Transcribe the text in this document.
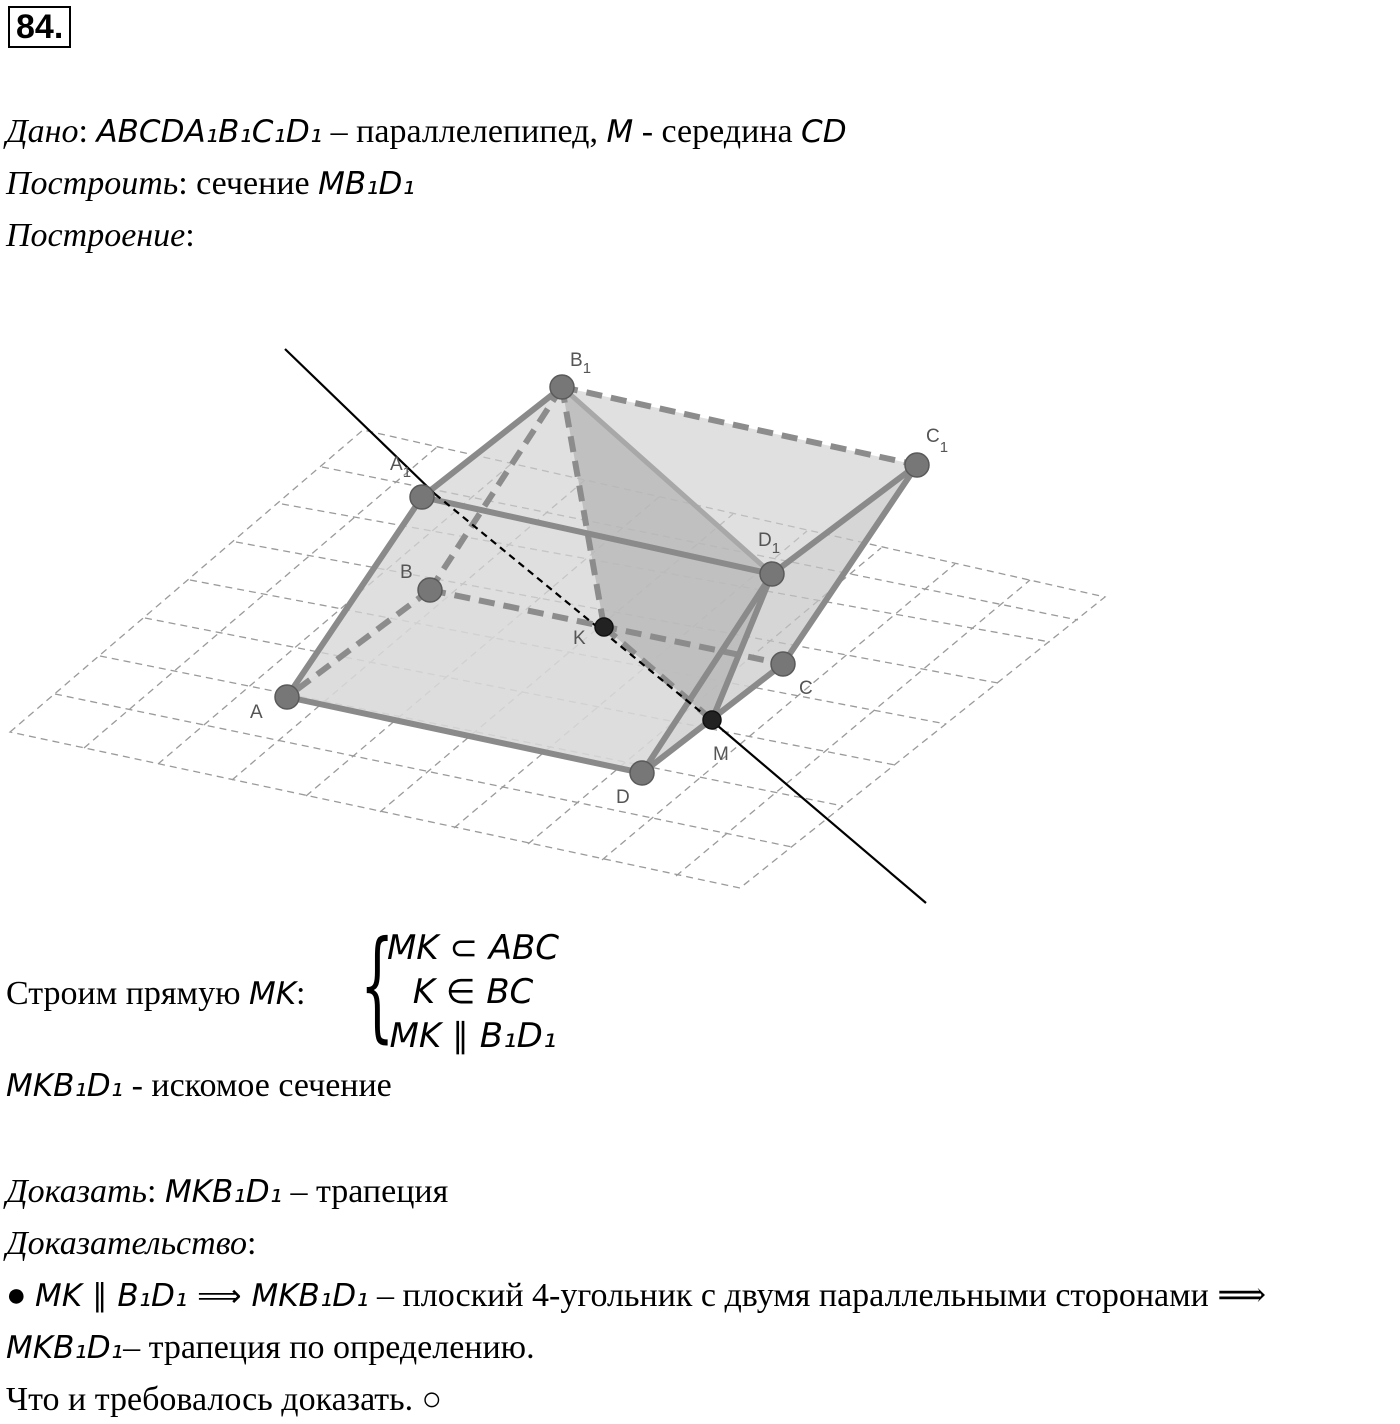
84.
Дано: ABCDA₁B₁C₁D₁ – параллелепипед, M - середина CD
Построить: сечение MB₁D₁
Построение:
A
B
C
D
$A_1$
$B_1$
$C_1$
$D_1$
K
M
Строим прямую MK: {
MK ⊂ ABC
K ∈ BC
MK ∥ B₁D₁
MKB₁D₁ - искомое сечение
Доказать: MKB₁D₁ – трапеция
Доказательство:
● MK ∥ B₁D₁ ⟹ MKB₁D₁ – плоский 4-угольник с двумя параллельными сторонами ⟹
MKB₁D₁– трапеция по определению.
Что и требовалось доказать. ○
